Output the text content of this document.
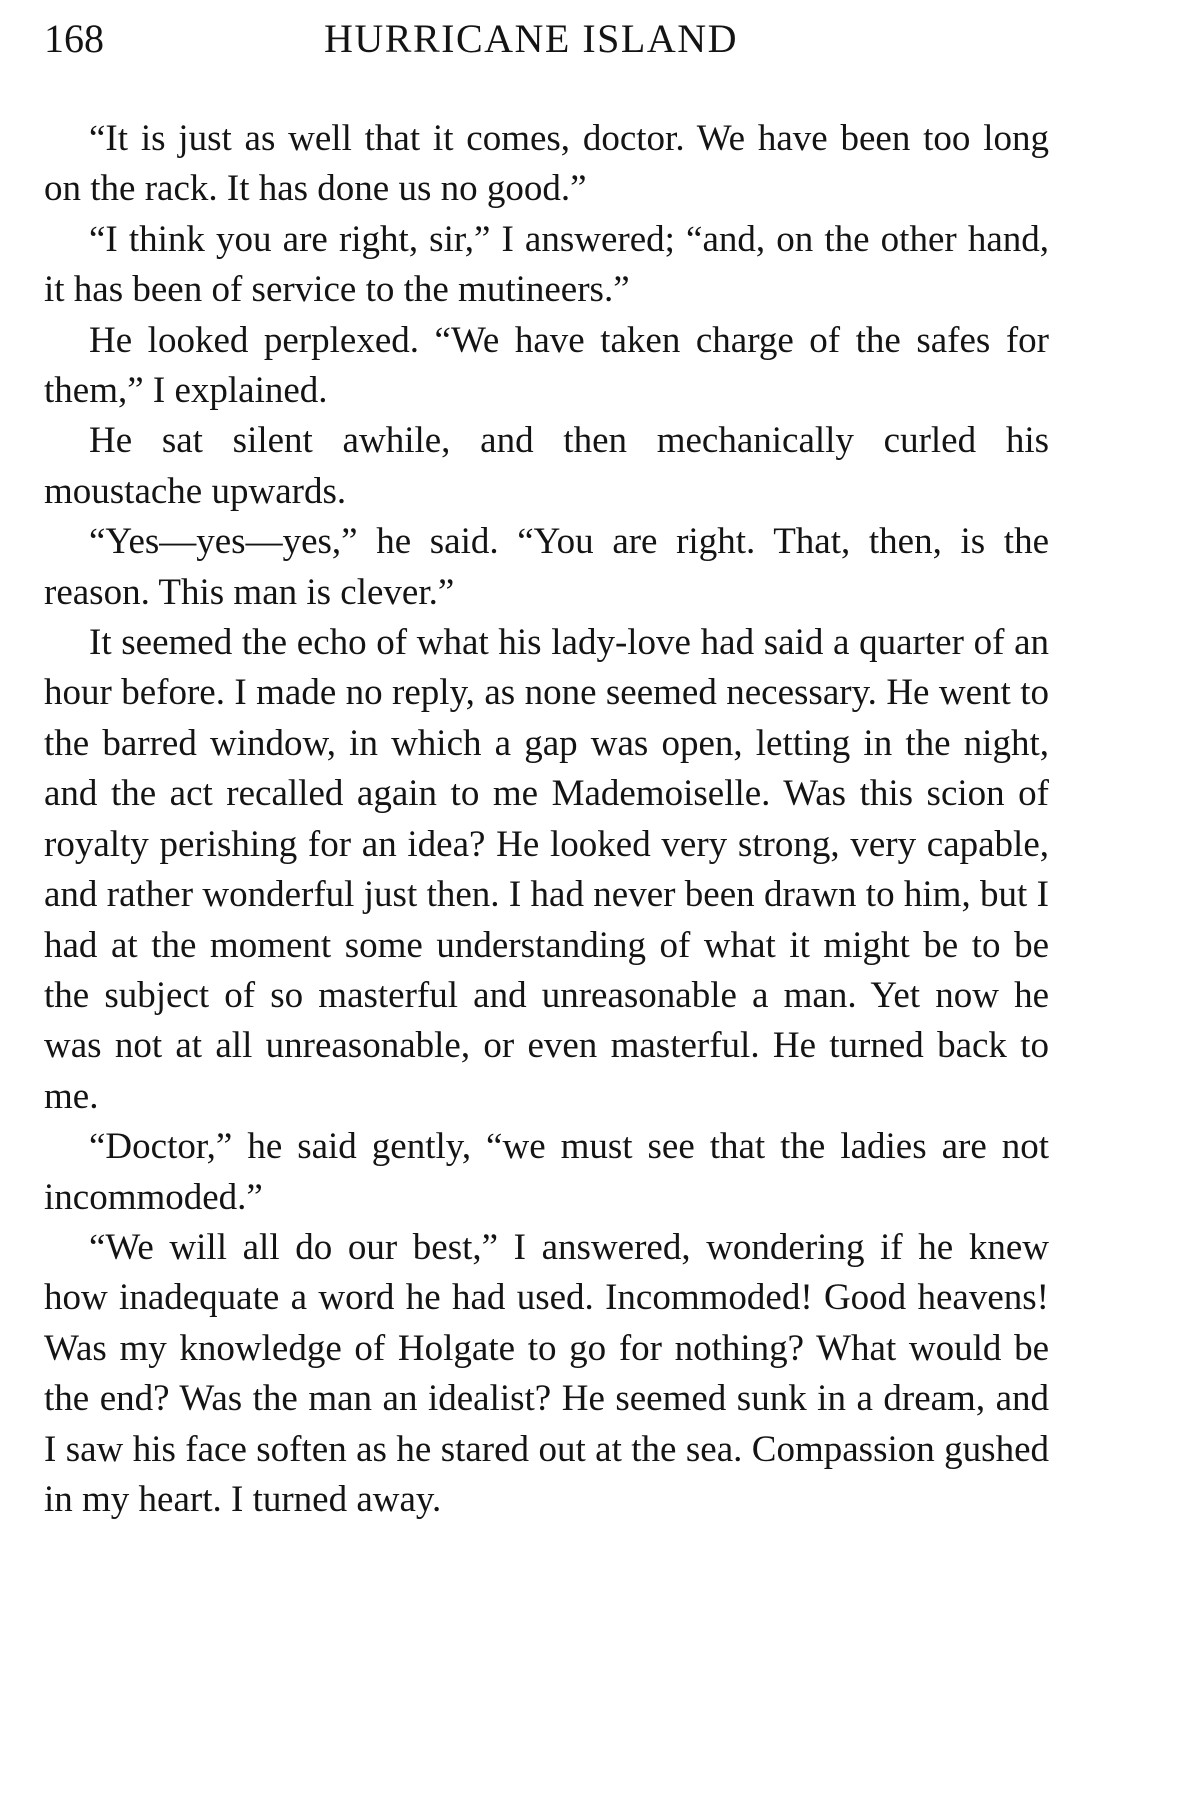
168	HURRICANE ISLAND

“It is just as well that it comes, doctor. We have been too long on the rack. It has done us no good.”

“I think you are right, sir,” I answered; “and, on the other hand, it has been of service to the mutineers.”

He looked perplexed. “We have taken charge of the safes for them,” I explained.

He sat silent awhile, and then mechanically curled his moustache upwards.

“Yes—yes—yes,” he said. “You are right. That, then, is the reason. This man is clever.”

It seemed the echo of what his lady-love had said a quarter of an hour before. I made no reply, as none seemed necessary. He went to the barred window, in which a gap was open, letting in the night, and the act recalled again to me Mademoiselle. Was this scion of royalty perishing for an idea? He looked very strong, very capable, and rather wonderful just then. I had never been drawn to him, but I had at the moment some understanding of what it might be to be the subject of so masterful and unreasonable a man. Yet now he was not at all unreasonable, or even masterful. He turned back to me.

“Doctor,” he said gently, “we must see that the ladies are not incommoded.”

“We will all do our best,” I answered, wondering if he knew how inadequate a word he had used. Incommoded! Good heavens! Was my knowledge of Holgate to go for nothing? What would be the end? Was the man an idealist? He seemed sunk in a dream, and I saw his face soften as he stared out at the sea. Compassion gushed in my heart. I turned away.
